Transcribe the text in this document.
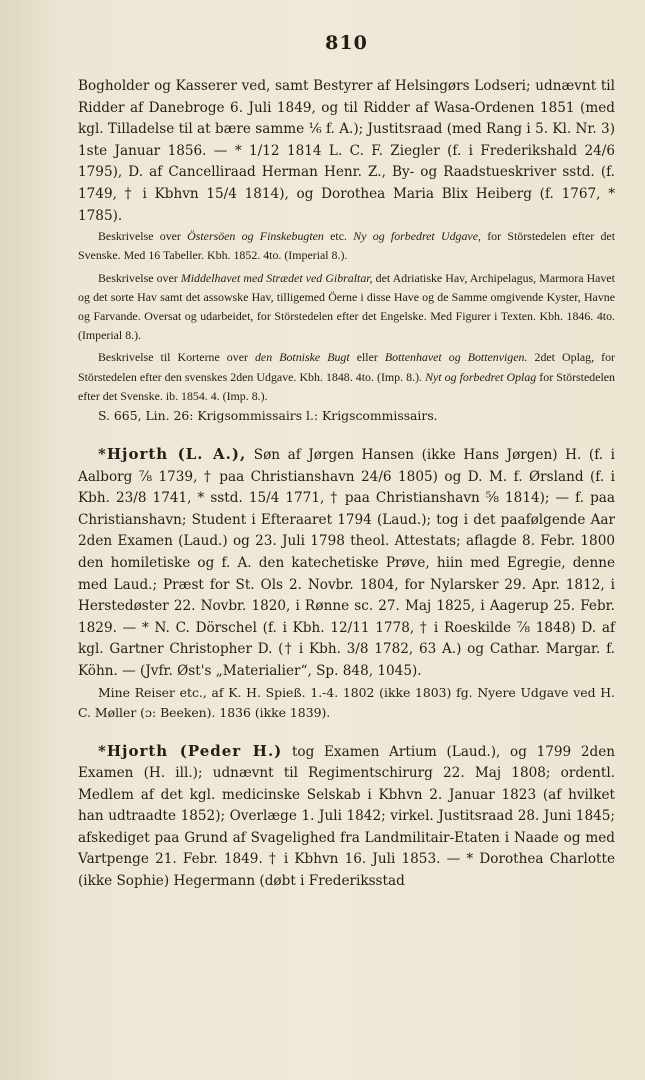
810

Bogholder og Kasserer ved, samt Bestyrer af Helsingørs Lodseri; udnævnt til Ridder af Danebroge 6. Juli 1849, og til Ridder af Wasa-Ordenen 1851 (med kgl. Tilladelse til at bære samme ⅙ f. A.); Justitsraad (med Rang i 5. Kl. Nr. 3) 1ste Januar 1856. — * 1/12 1814 L. C. F. Ziegler (f. i Frederikshald 24/6 1795), D. af Cancelliraad Herman Henr. Z., By- og Raadstueskriver sstd. (f. 1749, † i Kbhvn 15/4 1814), og Dorothea Maria Blix Heiberg (f. 1767, * 1785).

Beskrivelse over Östersöen og Finskebugten etc. Ny og forbedret Udgave, for Störstedelen efter det Svenske. Med 16 Tabeller. Kbh. 1852. 4to. (Imperial 8.).

Beskrivelse over Middelhavet med Strædet ved Gibraltar, det Adriatiske Hav, Archipelagus, Marmora Havet og det sorte Hav samt det assowske Hav, tilligemed Öerne i disse Have og de Samme omgivende Kyster, Havne og Farvande. Oversat og udarbeidet, for Störstedelen efter det Engelske. Med Figurer i Texten. Kbh. 1846. 4to. (Imperial 8.).

Beskrivelse til Korterne over den Botniske Bugt eller Bottenhavet og Bottenvigen. 2det Oplag, for Störstedelen efter den svenskes 2den Udgave. Kbh. 1848. 4to. (Imp. 8.). Nyt og forbedret Oplag for Störstedelen efter det Svenske. ib. 1854. 4. (Imp. 8.).

S. 665, Lin. 26: Krigsommissairs l.: Krigscommissairs.

*Hjorth (L. A.), Søn af Jørgen Hansen (ikke Hans Jørgen) H. (f. i Aalborg ⅞ 1739, † paa Christianshavn 24/6 1805) og D. M. f. Ørsland (f. i Kbh. 23/8 1741, * sstd. 15/4 1771, † paa Christianshavn ⅝ 1814); — f. paa Christianshavn; Student i Efteraaret 1794 (Laud.); tog i det paafølgende Aar 2den Examen (Laud.) og 23. Juli 1798 theol. Attestats; aflagde 8. Febr. 1800 den homiletiske og f. A. den katechetiske Prøve, hiin med Egregie, denne med Laud.; Præst for St. Ols 2. Novbr. 1804, for Nylarsker 29. Apr. 1812, i Herstedøster 22. Novbr. 1820, i Rønne sc. 27. Maj 1825, i Aagerup 25. Febr. 1829. — * N. C. Dörschel (f. i Kbh. 12/11 1778, † i Roeskilde ⅞ 1848) D. af kgl. Gartner Christopher D. († i Kbh. 3/8 1782, 63 A.) og Cathar. Margar. f. Köhn. — (Jvfr. Øst's „Materialier“, Sp. 848, 1045).

Mine Reiser etc., af K. H. Spieß. 1.-4. 1802 (ikke 1803) fg. Nyere Udgave ved H. C. Møller (ɔ: Beeken). 1836 (ikke 1839).

*Hjorth (Peder H.) tog Examen Artium (Laud.), og 1799 2den Examen (H. ill.); udnævnt til Regimentschirurg 22. Maj 1808; ordentl. Medlem af det kgl. medicinske Selskab i Kbhvn 2. Januar 1823 (af hvilket han udtraadte 1852); Overlæge 1. Juli 1842; virkel. Justitsraad 28. Juni 1845; afskediget paa Grund af Svagelighed fra Landmilitair-Etaten i Naade og med Vartpenge 21. Febr. 1849. † i Kbhvn 16. Juli 1853. — * Dorothea Charlotte (ikke Sophie) Hegermann (døbt i Frederiksstad
